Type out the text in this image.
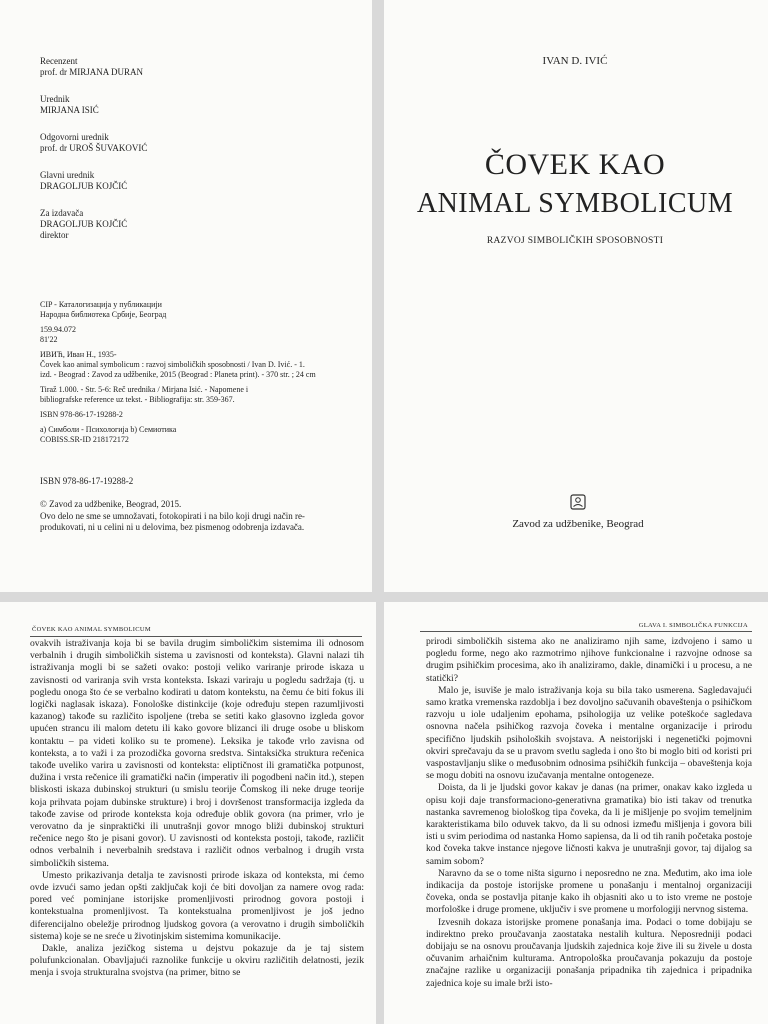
Recenzent
prof. dr MIRJANA DURAN
Urednik
MIRJANA ISIĆ
Odgovorni urednik
prof. dr UROŠ ŠUVAKOVIĆ
Glavni urednik
DRAGOLJUB KOJČIĆ
Za izdavača
DRAGOLJUB KOJČIĆ
direktor
CIP - Каталогизација у публикацији
Народна библиотека Србије, Београд
159.94.072
81'22
ИВИЋ, Иван Н., 1935-
Čovek kao animal symbolicum : razvoj simboličkih sposobnosti / Ivan D. Ivić. - 1.
izd. - Beograd : Zavod za udžbenike, 2015 (Beograd : Planeta print). - 370 str. ; 24 cm
Tiraž 1.000. - Str. 5-6: Reč urednika / Mirjana Isić. - Napomene i
bibliografske reference uz tekst. - Bibliografija: str. 359-367.
ISBN 978-86-17-19288-2
a) Симболи - Психологија b) Семиотика
COBISS.SR-ID 218172172
ISBN 978-86-17-19288-2
© Zavod za udžbenike, Beograd, 2015.
Ovo delo ne sme se umnožavati, fotokopirati i na bilo koji drugi način re-
produkovati, ni u celini ni u delovima, bez pismenog odobrenja izdavača.
IVAN D. IVIĆ
ČOVEK KAO
ANIMAL SYMBOLICUM
RAZVOJ SIMBOLIČKIH SPOSOBNOSTI
Zavod za udžbenike, Beograd
ČOVEK KAO ANIMAL SYMBOLICUM

ovakvih istraživanja koja bi se bavila drugim simboličkim sistemima ili odnosom verbalnih i drugih simboličkih sistema u zavisnosti od konteksta). Glavni nalazi tih istraživanja mogli bi se sažeti ovako: postoji veliko variranje prirode iskaza u zavisnosti od variranja svih vrsta konteksta. Iskazi variraju u pogledu sadržaja (tj. u pogledu onoga što će se verbalno kodirati u datom kontekstu, na čemu će biti fokus ili logički naglasak iskaza). Fonološke distinkcije (koje određuju stepen razumljivosti kazanog) takođe su različito ispoljene (treba se setiti kako glasovno izgleda govor upućen strancu ili malom detetu ili kako govore blizanci ili druge osobe u bliskom kontaktu – pa videti koliko su te promene). Leksika je takođe vrlo zavisna od konteksta, a to važi i za prozodička govorna sredstva. Sintaksička struktura rečenica takođe uveliko varira u zavisnosti od konteksta: eliptičnost ili gramatička potpunost, dužina i vrsta rečenice ili gramatički način (imperativ ili pogodbeni način itd.), stepen bliskosti iskaza dubinskoj strukturi (u smislu teorije Čomskog ili neke druge teorije koja prihvata pojam dubinske strukture) i broj i dovršenost transformacija izgleda da takođe zavise od prirode konteksta koja određuje oblik govora (na primer, vrlo je verovatno da je sinpraktički ili unutrašnji govor mnogo bliži dubinskoj strukturi rečenice nego što je pisani govor). U zavisnosti od konteksta postoji, takođe, različit odnos verbalnih i neverbalnih sredstava i različit odnos verbalnog i drugih vrsta simboličkih sistema.

Umesto prikazivanja detalja te zavisnosti prirode iskaza od konteksta, mi ćemo ovde izvući samo jedan opšti zaključak koji će biti dovoljan za namere ovog rada: pored već pominjane istorijske promenljivosti prirodnog govora postoji i kontekstualna promenljivost. Ta kontekstualna promenljivost je još jedno diferencijalno obeležje prirodnog ljudskog govora (a verovatno i drugih simboličkih sistema) koje se ne sreće u životinjskim sistemima komunikacije.

Dakle, analiza jezičkog sistema u dejstvu pokazuje da je taj sistem polufunkcionalan. Obavljajući raznolike funkcije u okviru različitih delatnosti, jezik menja i svoja strukturalna svojstva (na primer, bitno se

GLAVA I. SIMBOLIČKA FUNKCIJA

prirodi simboličkih sistema ako ne analiziramo njih same, izdvojeno i samo u pogledu forme, nego ako razmotrimo njihove funkcionalne i razvojne odnose sa drugim psihičkim procesima, ako ih analiziramo, dakle, dinamički i u procesu, a ne statički?

Malo je, isuviše je malo istraživanja koja su bila tako usmerena. Sagledavajući samo kratka vremenska razdoblja i bez dovoljno sačuvanih obaveštenja o psihičkom razvoju u iole udaljenim epohama, psihologija uz velike poteškoće sagledava osnovna načela psihičkog razvoja čoveka i mentalne organizacije i prirodu specifično ljudskih psiholoških svojstava. A neistorijski i negenetički pojmovni okviri sprečavaju da se u pravom svetlu sagleda i ono što bi moglo biti od koristi pri vaspostavljanju slike o međusobnim odnosima psihičkih funkcija – obaveštenja koja se mogu dobiti na osnovu izučavanja mentalne ontogeneze.

Doista, da li je ljudski govor kakav je danas (na primer, onakav kako izgleda u opisu koji daje transformaciono-generativna gramatika) bio isti takav od trenutka nastanka savremenog biološkog tipa čoveka, da li je mišljenje po svojim temeljnim karakteristikama bilo oduvek takvo, da li su odnosi između mišljenja i govora bili isti u svim periodima od nastanka Homo sapiensa, da li od tih ranih početaka postoje kod čoveka takve instance njegove ličnosti kakva je unutrašnji govor, taj dijalog sa samim sobom?

Naravno da se o tome ništa sigurno i neposredno ne zna. Međutim, ako ima iole indikacija da postoje istorijske promene u ponašanju i mentalnoj organizaciji čoveka, onda se postavlja pitanje kako ih objasniti ako u to isto vreme ne postoje morfološke i druge promene, uključiv i sve promene u morfologiji nervnog sistema.

Izvesnih dokaza istorijske promene ponašanja ima. Podaci o tome dobijaju se indirektno preko proučavanja zaostataka nestalih kultura. Neposredniji podaci dobijaju se na osnovu proučavanja ljudskih zajednica koje žive ili su živele u dosta očuvanim arhaičnim kulturama. Antropološka proučavanja pokazuju da postoje značajne razlike u organizaciji ponašanja pripadnika tih zajednica i pripadnika zajednica koje su imale brži isto-
